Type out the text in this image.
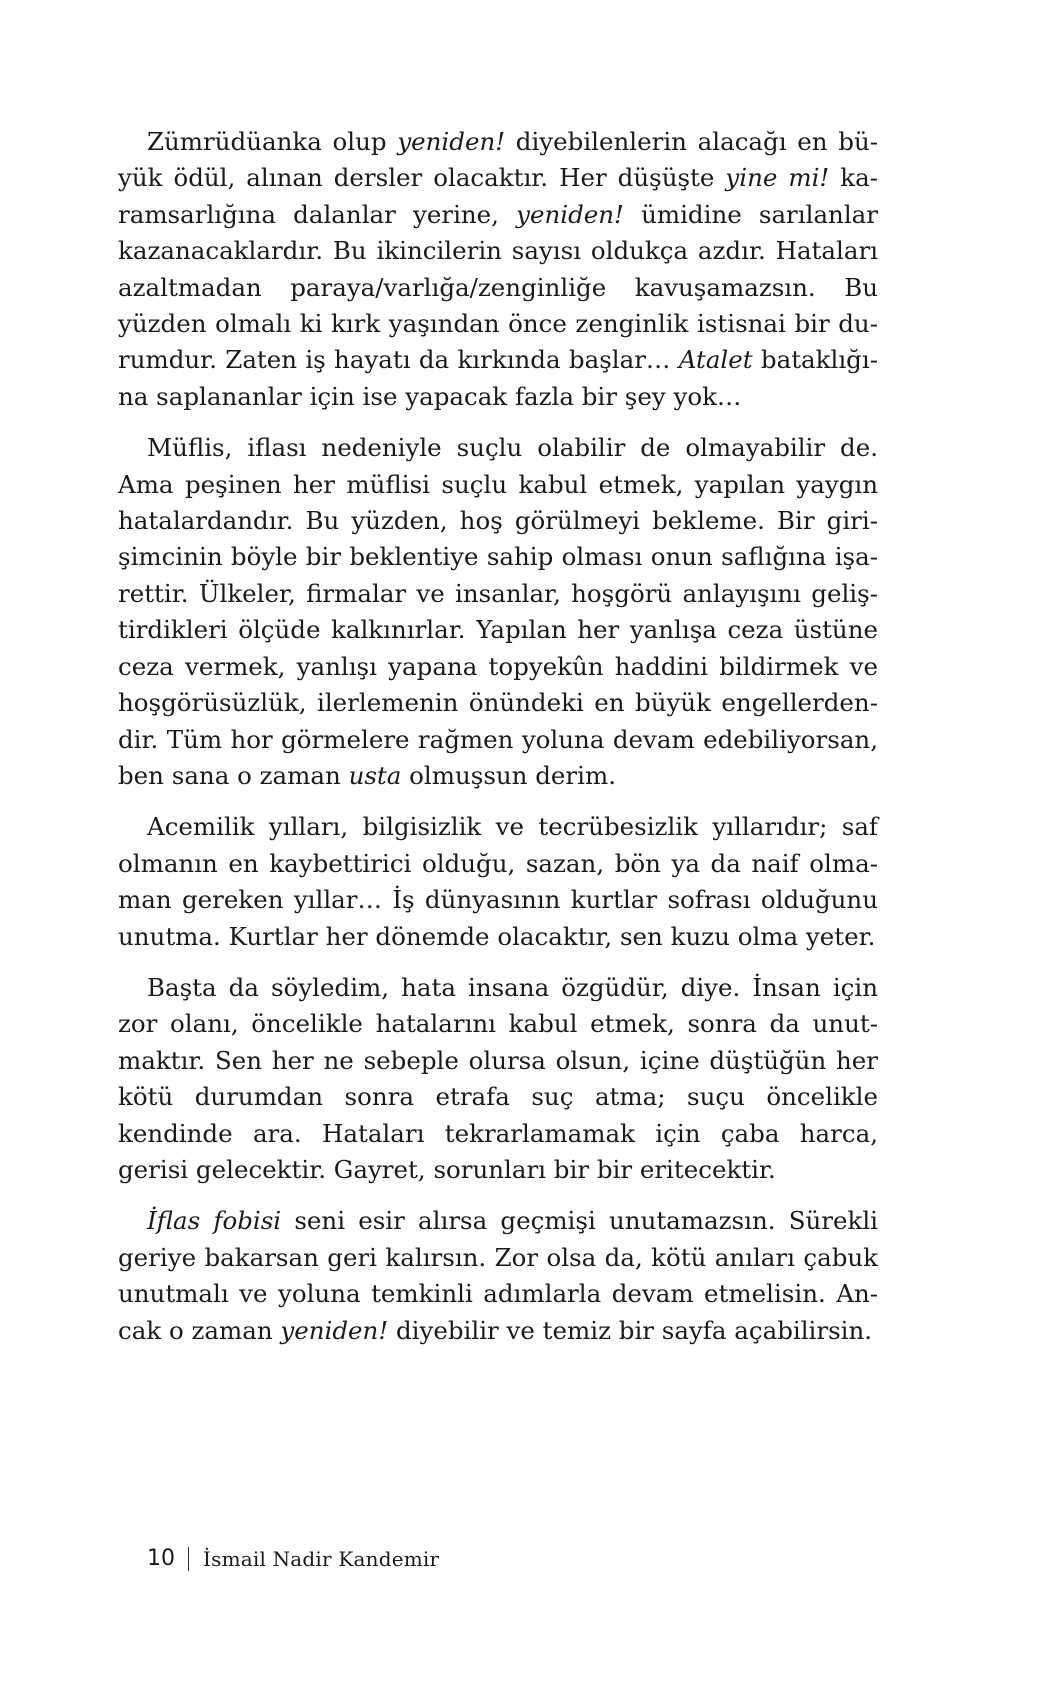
Zümrüdüanka olup yeniden! diyebilenlerin alacağı en büyük ödül, alınan dersler olacaktır. Her düşüşte yine mi! karamsarlığına dalanlar yerine, yeniden! ümidine sarılanlar kazanacaklardır. Bu ikincilerin sayısı oldukça azdır. Hataları azaltmadan paraya/varlığa/zenginliğe kavuşamazsın. Bu yüzden olmalı ki kırk yaşından önce zenginlik istisnai bir durumdur. Zaten iş hayatı da kırkında başlar… Atalet bataklığına saplananlar için ise yapacak fazla bir şey yok…

Müflis, iflası nedeniyle suçlu olabilir de olmayabilir de. Ama peşinen her müflisi suçlu kabul etmek, yapılan yaygın hatalardandır. Bu yüzden, hoş görülmeyi bekleme. Bir girişimcinin böyle bir beklentiye sahip olması onun saflığına işarettir. Ülkeler, firmalar ve insanlar, hoşgörü anlayışını geliştirdikleri ölçüde kalkınırlar. Yapılan her yanlışa ceza üstüne ceza vermek, yanlışı yapana topyekûn haddini bildirmek ve hoşgörüsüzlük, ilerlemenin önündeki en büyük engellerdendir. Tüm hor görmelere rağmen yoluna devam edebiliyorsan, ben sana o zaman usta olmuşsun derim.

Acemilik yılları, bilgisizlik ve tecrübesizlik yıllarıdır; saf olmanın en kaybettirici olduğu, sazan, bön ya da naif olmaman gereken yıllar… İş dünyasının kurtlar sofrası olduğunu unutma. Kurtlar her dönemde olacaktır, sen kuzu olma yeter.

Başta da söyledim, hata insana özgüdür, diye. İnsan için zor olanı, öncelikle hatalarını kabul etmek, sonra da unutmaktır. Sen her ne sebeple olursa olsun, içine düştüğün her kötü durumdan sonra etrafa suç atma; suçu öncelikle kendinde ara. Hataları tekrarlamamak için çaba harca, gerisi gelecektir. Gayret, sorunları bir bir eritecektir.

İflas fobisi seni esir alırsa geçmişi unutamazsın. Sürekli geriye bakarsan geri kalırsın. Zor olsa da, kötü anıları çabuk unutmalı ve yoluna temkinli adımlarla devam etmelisin. Ancak o zaman yeniden! diyebilir ve temiz bir sayfa açabilirsin.

10 İsmail Nadir Kandemir
